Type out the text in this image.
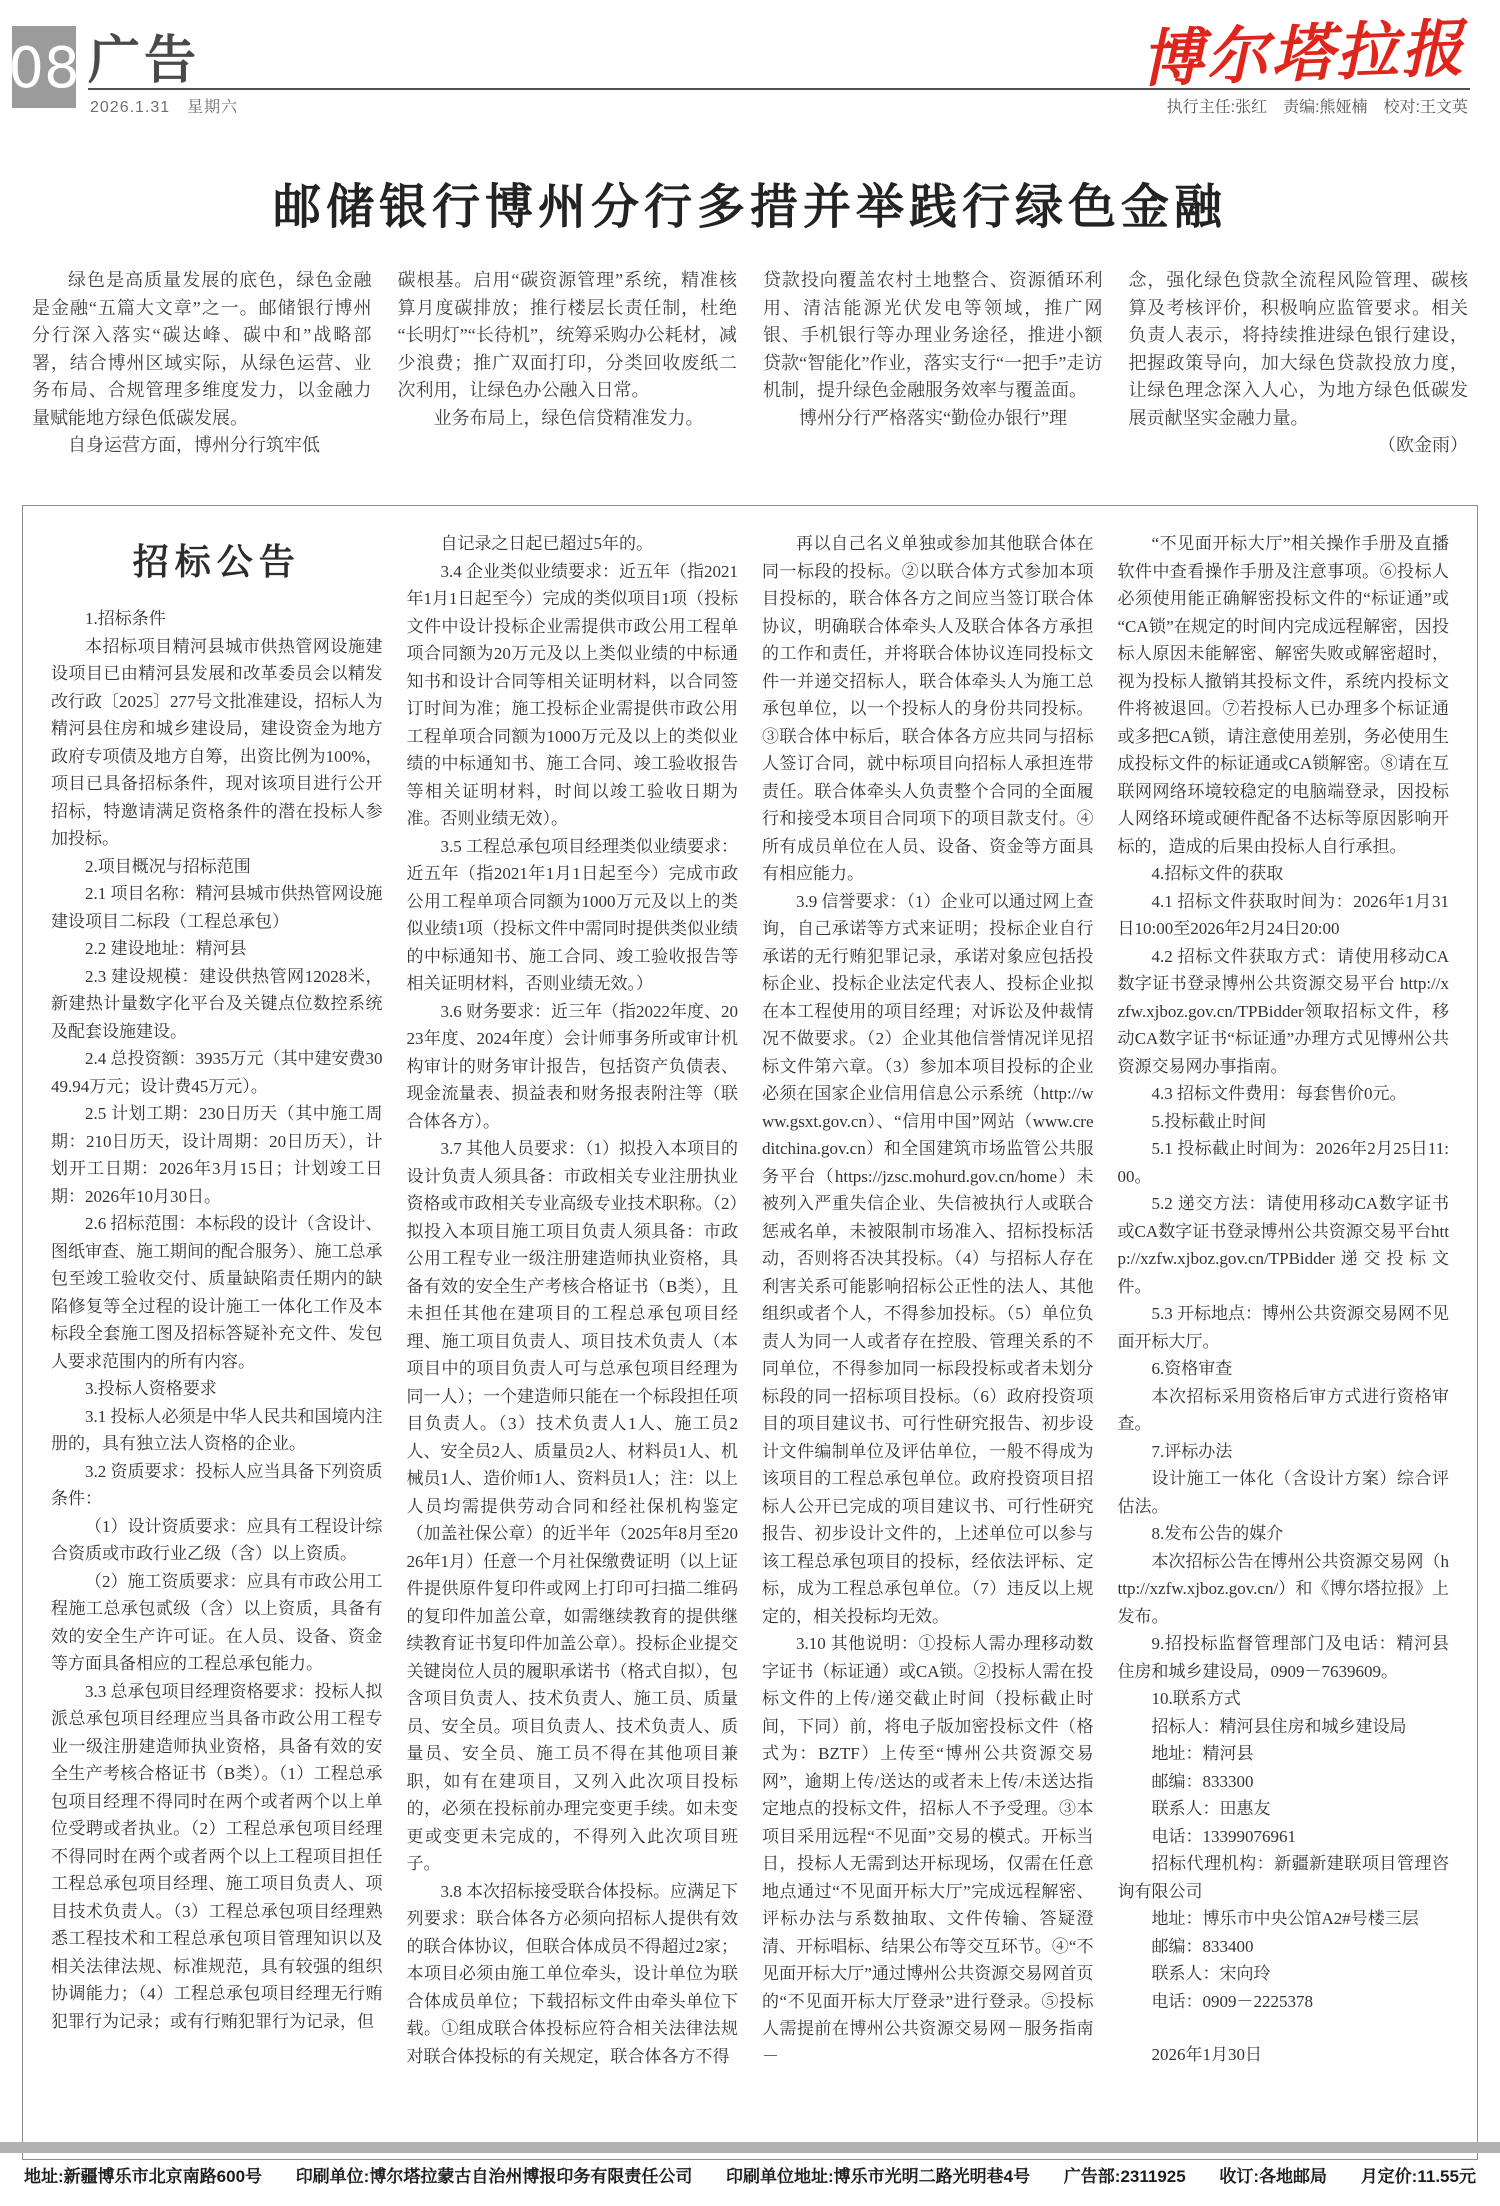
08 广告
2026.1.31　星期六
博尔塔拉报
执行主任:张红　责编:熊娅楠　校对:王文英
邮储银行博州分行多措并举践行绿色金融

绿色是高质量发展的底色，绿色金融是金融“五篇大文章”之一。邮储银行博州分行深入落实“碳达峰、碳中和”战略部署，结合博州区域实际，从绿色运营、业务布局、合规管理多维度发力，以金融力量赋能地方绿色低碳发展。

自身运营方面，博州分行筑牢低

碳根基。启用“碳资源管理”系统，精准核算月度碳排放；推行楼层长责任制，杜绝“长明灯”“长待机”，统筹采购办公耗材，减少浪费；推广双面打印，分类回收废纸二次利用，让绿色办公融入日常。

业务布局上，绿色信贷精准发力。

贷款投向覆盖农村土地整合、资源循环利用、清洁能源光伏发电等领域，推广网银、手机银行等办理业务途径，推进小额贷款“智能化”作业，落实支行“一把手”走访机制，提升绿色金融服务效率与覆盖面。

博州分行严格落实“勤俭办银行”理

念，强化绿色贷款全流程风险管理、碳核算及考核评价，积极响应监管要求。相关负责人表示，将持续推进绿色银行建设，把握政策导向，加大绿色贷款投放力度，让绿色理念深入人心，为地方绿色低碳发展贡献坚实金融力量。

（欧金雨）

招标公告

1.招标条件

本招标项目精河县城市供热管网设施建设项目已由精河县发展和改革委员会以精发改行政〔2025〕277号文批准建设，招标人为精河县住房和城乡建设局，建设资金为地方政府专项债及地方自筹，出资比例为100%，项目已具备招标条件，现对该项目进行公开招标，特邀请满足资格条件的潜在投标人参加投标。

2.项目概况与招标范围

2.1 项目名称：精河县城市供热管网设施建设项目二标段（工程总承包）

2.2 建设地址：精河县

2.3 建设规模：建设供热管网12028米，新建热计量数字化平台及关键点位数控系统及配套设施建设。

2.4 总投资额：3935万元（其中建安费3049.94万元；设计费45万元）。

2.5 计划工期：230日历天（其中施工周期：210日历天，设计周期：20日历天），计划开工日期：2026年3月15日；计划竣工日期：2026年10月30日。

2.6 招标范围：本标段的设计（含设计、图纸审查、施工期间的配合服务）、施工总承包至竣工验收交付、质量缺陷责任期内的缺陷修复等全过程的设计施工一体化工作及本标段全套施工图及招标答疑补充文件、发包人要求范围内的所有内容。

3.投标人资格要求

3.1 投标人必须是中华人民共和国境内注册的，具有独立法人资格的企业。

3.2 资质要求：投标人应当具备下列资质条件：

（1）设计资质要求：应具有工程设计综合资质或市政行业乙级（含）以上资质。

（2）施工资质要求：应具有市政公用工程施工总承包贰级（含）以上资质，具备有效的安全生产许可证。在人员、设备、资金等方面具备相应的工程总承包能力。

3.3 总承包项目经理资格要求：投标人拟派总承包项目经理应当具备市政公用工程专业一级注册建造师执业资格，具备有效的安全生产考核合格证书（B类）。（1）工程总承包项目经理不得同时在两个或者两个以上单位受聘或者执业。（2）工程总承包项目经理不得同时在两个或者两个以上工程项目担任工程总承包项目经理、施工项目负责人、项目技术负责人。（3）工程总承包项目经理熟悉工程技术和工程总承包项目管理知识以及相关法律法规、标准规范，具有较强的组织协调能力；（4）工程总承包项目经理无行贿犯罪行为记录；或有行贿犯罪行为记录，但

自记录之日起已超过5年的。

3.4 企业类似业绩要求：近五年（指2021年1月1日起至今）完成的类似项目1项（投标文件中设计投标企业需提供市政公用工程单项合同额为20万元及以上类似业绩的中标通知书和设计合同等相关证明材料，以合同签订时间为准；施工投标企业需提供市政公用工程单项合同额为1000万元及以上的类似业绩的中标通知书、施工合同、竣工验收报告等相关证明材料，时间以竣工验收日期为准。否则业绩无效）。

3.5 工程总承包项目经理类似业绩要求：近五年（指2021年1月1日起至今）完成市政公用工程单项合同额为1000万元及以上的类似业绩1项（投标文件中需同时提供类似业绩的中标通知书、施工合同、竣工验收报告等相关证明材料，否则业绩无效。）

3.6 财务要求：近三年（指2022年度、2023年度、2024年度）会计师事务所或审计机构审计的财务审计报告，包括资产负债表、现金流量表、损益表和财务报表附注等（联合体各方）。

3.7 其他人员要求：（1）拟投入本项目的设计负责人须具备：市政相关专业注册执业资格或市政相关专业高级专业技术职称。（2）拟投入本项目施工项目负责人须具备：市政公用工程专业一级注册建造师执业资格，具备有效的安全生产考核合格证书（B类），且未担任其他在建项目的工程总承包项目经理、施工项目负责人、项目技术负责人（本项目中的项目负责人可与总承包项目经理为同一人）；一个建造师只能在一个标段担任项目负责人。（3）技术负责人1人、施工员2人、安全员2人、质量员2人、材料员1人、机械员1人、造价师1人、资料员1人；注：以上人员均需提供劳动合同和经社保机构鉴定（加盖社保公章）的近半年（2025年8月至2026年1月）任意一个月社保缴费证明（以上证件提供原件复印件或网上打印可扫描二维码的复印件加盖公章，如需继续教育的提供继续教育证书复印件加盖公章）。投标企业提交关键岗位人员的履职承诺书（格式自拟），包含项目负责人、技术负责人、施工员、质量员、安全员。项目负责人、技术负责人、质量员、安全员、施工员不得在其他项目兼职，如有在建项目，又列入此次项目投标的，必须在投标前办理完变更手续。如未变更或变更未完成的，不得列入此次项目班子。

3.8 本次招标接受联合体投标。应满足下列要求：联合体各方必须向招标人提供有效的联合体协议，但联合体成员不得超过2家；本项目必须由施工单位牵头，设计单位为联合体成员单位；下载招标文件由牵头单位下载。①组成联合体投标应符合相关法律法规对联合体投标的有关规定，联合体各方不得

再以自己名义单独或参加其他联合体在同一标段的投标。②以联合体方式参加本项目投标的，联合体各方之间应当签订联合体协议，明确联合体牵头人及联合体各方承担的工作和责任，并将联合体协议连同投标文件一并递交招标人，联合体牵头人为施工总承包单位，以一个投标人的身份共同投标。③联合体中标后，联合体各方应共同与招标人签订合同，就中标项目向招标人承担连带责任。联合体牵头人负责整个合同的全面履行和接受本项目合同项下的项目款支付。④所有成员单位在人员、设备、资金等方面具有相应能力。

3.9 信誉要求：（1）企业可以通过网上查询，自己承诺等方式来证明；投标企业自行承诺的无行贿犯罪记录，承诺对象应包括投标企业、投标企业法定代表人、投标企业拟在本工程使用的项目经理；对诉讼及仲裁情况不做要求。（2）企业其他信誉情况详见招标文件第六章。（3）参加本项目投标的企业必须在国家企业信用信息公示系统（http://www.gsxt.gov.cn）、“信用中国”网站（www.creditchina.gov.cn）和全国建筑市场监管公共服务平台（https://jzsc.mohurd.gov.cn/home）未被列入严重失信企业、失信被执行人或联合惩戒名单，未被限制市场准入、招标投标活动，否则将否决其投标。（4）与招标人存在利害关系可能影响招标公正性的法人、其他组织或者个人，不得参加投标。（5）单位负责人为同一人或者存在控股、管理关系的不同单位，不得参加同一标段投标或者未划分标段的同一招标项目投标。（6）政府投资项目的项目建议书、可行性研究报告、初步设计文件编制单位及评估单位，一般不得成为该项目的工程总承包单位。政府投资项目招标人公开已完成的项目建议书、可行性研究报告、初步设计文件的，上述单位可以参与该工程总承包项目的投标，经依法评标、定标，成为工程总承包单位。（7）违反以上规定的，相关投标均无效。

3.10 其他说明：①投标人需办理移动数字证书（标证通）或CA锁。②投标人需在投标文件的上传/递交截止时间（投标截止时间，下同）前，将电子版加密投标文件（格式为：BZTF）上传至“博州公共资源交易网”，逾期上传/送达的或者未上传/未送达指定地点的投标文件，招标人不予受理。③本项目采用远程“不见面”交易的模式。开标当日，投标人无需到达开标现场，仅需在任意地点通过“不见面开标大厅”完成远程解密、评标办法与系数抽取、文件传输、答疑澄清、开标唱标、结果公布等交互环节。④“不见面开标大厅”通过博州公共资源交易网首页的“不见面开标大厅登录”进行登录。⑤投标人需提前在博州公共资源交易网－服务指南－

“不见面开标大厅”相关操作手册及直播软件中查看操作手册及注意事项。⑥投标人必须使用能正确解密投标文件的“标证通”或“CA锁”在规定的时间内完成远程解密，因投标人原因未能解密、解密失败或解密超时，视为投标人撤销其投标文件，系统内投标文件将被退回。⑦若投标人已办理多个标证通或多把CA锁，请注意使用差别，务必使用生成投标文件的标证通或CA锁解密。⑧请在互联网网络环境较稳定的电脑端登录，因投标人网络环境或硬件配备不达标等原因影响开标的，造成的后果由投标人自行承担。

4.招标文件的获取

4.1 招标文件获取时间为：2026年1月31日10:00至2026年2月24日20:00

4.2 招标文件获取方式：请使用移动CA数字证书登录博州公共资源交易平台 http://xzfw.xjboz.gov.cn/TPBidder领取招标文件，移动CA数字证书“标证通”办理方式见博州公共资源交易网办事指南。

4.3 招标文件费用：每套售价0元。

5.投标截止时间

5.1 投标截止时间为：2026年2月25日11:00。

5.2 递交方法：请使用移动CA数字证书或CA数字证书登录博州公共资源交易平台http://xzfw.xjboz.gov.cn/TPBidder递交投标文件。

5.3 开标地点：博州公共资源交易网不见面开标大厅。

6.资格审查

本次招标采用资格后审方式进行资格审查。

7.评标办法

设计施工一体化（含设计方案）综合评估法。

8.发布公告的媒介

本次招标公告在博州公共资源交易网（http://xzfw.xjboz.gov.cn/）和《博尔塔拉报》上发布。

9.招投标监督管理部门及电话：精河县住房和城乡建设局，0909－7639609。

10.联系方式

招标人：精河县住房和城乡建设局

地址：精河县

邮编：833300

联系人：田惠友

电话：13399076961

招标代理机构：新疆新建联项目管理咨询有限公司

地址：博乐市中央公馆A2#号楼三层

邮编：833400

联系人：宋向玲

电话：0909－2225378

2026年1月30日

地址:新疆博乐市北京南路600号 印刷单位:博尔塔拉蒙古自治州博报印务有限责任公司 印刷单位地址:博乐市光明二路光明巷4号 广告部:2311925 收订:各地邮局 月定价:11.55元
